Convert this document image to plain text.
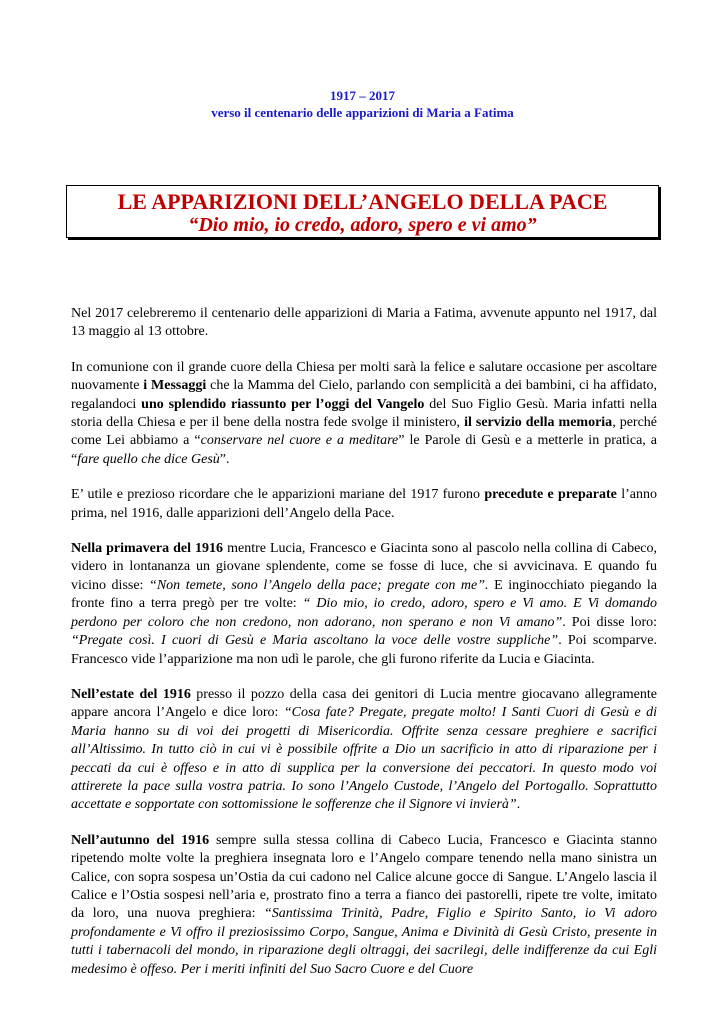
1917 – 2017
verso il centenario delle apparizioni di Maria a Fatima
LE APPARIZIONI DELL’ANGELO DELLA PACE
“Dio mio, io credo, adoro, spero e vi amo”

Nel 2017 celebreremo il centenario delle apparizioni di Maria a Fatima, avvenute appunto nel 1917, dal 13 maggio al 13 ottobre.

In comunione con il grande cuore della Chiesa per molti sarà la felice e salutare occasione per ascoltare nuovamente i Messaggi che la Mamma del Cielo, parlando con semplicità a dei bambini, ci ha affidato, regalandoci uno splendido riassunto per l’oggi del Vangelo del Suo Figlio Gesù. Maria infatti nella storia della Chiesa e per il bene della nostra fede svolge il ministero, il servizio della memoria, perché come Lei abbiamo a “conservare nel cuore e a meditare” le Parole di Gesù e a metterle in pratica, a “fare quello che dice Gesù”.

E’ utile e prezioso ricordare che le apparizioni mariane del 1917 furono precedute e preparate l’anno prima, nel 1916, dalle apparizioni dell’Angelo della Pace.

Nella primavera del 1916 mentre Lucia, Francesco e Giacinta sono al pascolo nella collina di Cabeco, videro in lontananza un giovane splendente, come se fosse di luce, che si avvicinava. E quando fu vicino disse: “Non temete, sono l’Angelo della pace; pregate con me”. E inginocchiato piegando la fronte fino a terra pregò per tre volte: “ Dio mio, io credo, adoro, spero e Vi amo. E Vi domando perdono per coloro che non credono, non adorano, non sperano e non Vi amano”. Poi disse loro: “Pregate così. I cuori di Gesù e Maria ascoltano la voce delle vostre suppliche”. Poi scomparve. Francesco vide l’apparizione ma non udì le parole, che gli furono riferite da Lucia e Giacinta.

Nell’estate del 1916 presso il pozzo della casa dei genitori di Lucia mentre giocavano allegramente appare ancora l’Angelo e dice loro: “Cosa fate? Pregate, pregate molto! I Santi Cuori di Gesù e di Maria hanno su di voi dei progetti di Misericordia. Offrite senza cessare preghiere e sacrifici all’Altissimo. In tutto ciò in cui vi è possibile offrite a Dio un sacrificio in atto di riparazione per i peccati da cui è offeso e in atto di supplica per la conversione dei peccatori. In questo modo voi attirerete la pace sulla vostra patria. Io sono l’Angelo Custode, l’Angelo del Portogallo. Soprattutto accettate e sopportate con sottomissione le sofferenze che il Signore vi invierà”.

Nell’autunno del 1916 sempre sulla stessa collina di Cabeco Lucia, Francesco e Giacinta stanno ripetendo molte volte la preghiera insegnata loro e l’Angelo compare tenendo nella mano sinistra un Calice, con sopra sospesa un’Ostia da cui cadono nel Calice alcune gocce di Sangue. L’Angelo lascia il Calice e l’Ostia sospesi nell’aria e, prostrato fino a terra a fianco dei pastorelli, ripete tre volte, imitato da loro, una nuova preghiera: “Santissima Trinità, Padre, Figlio e Spirito Santo, io Vi adoro profondamente e Vi offro il preziosissimo Corpo, Sangue, Anima e Divinità di Gesù Cristo, presente in tutti i tabernacoli del mondo, in riparazione degli oltraggi, dei sacrilegi, delle indifferenze da cui Egli medesimo è offeso. Per i meriti infiniti del Suo Sacro Cuore e del Cuore
